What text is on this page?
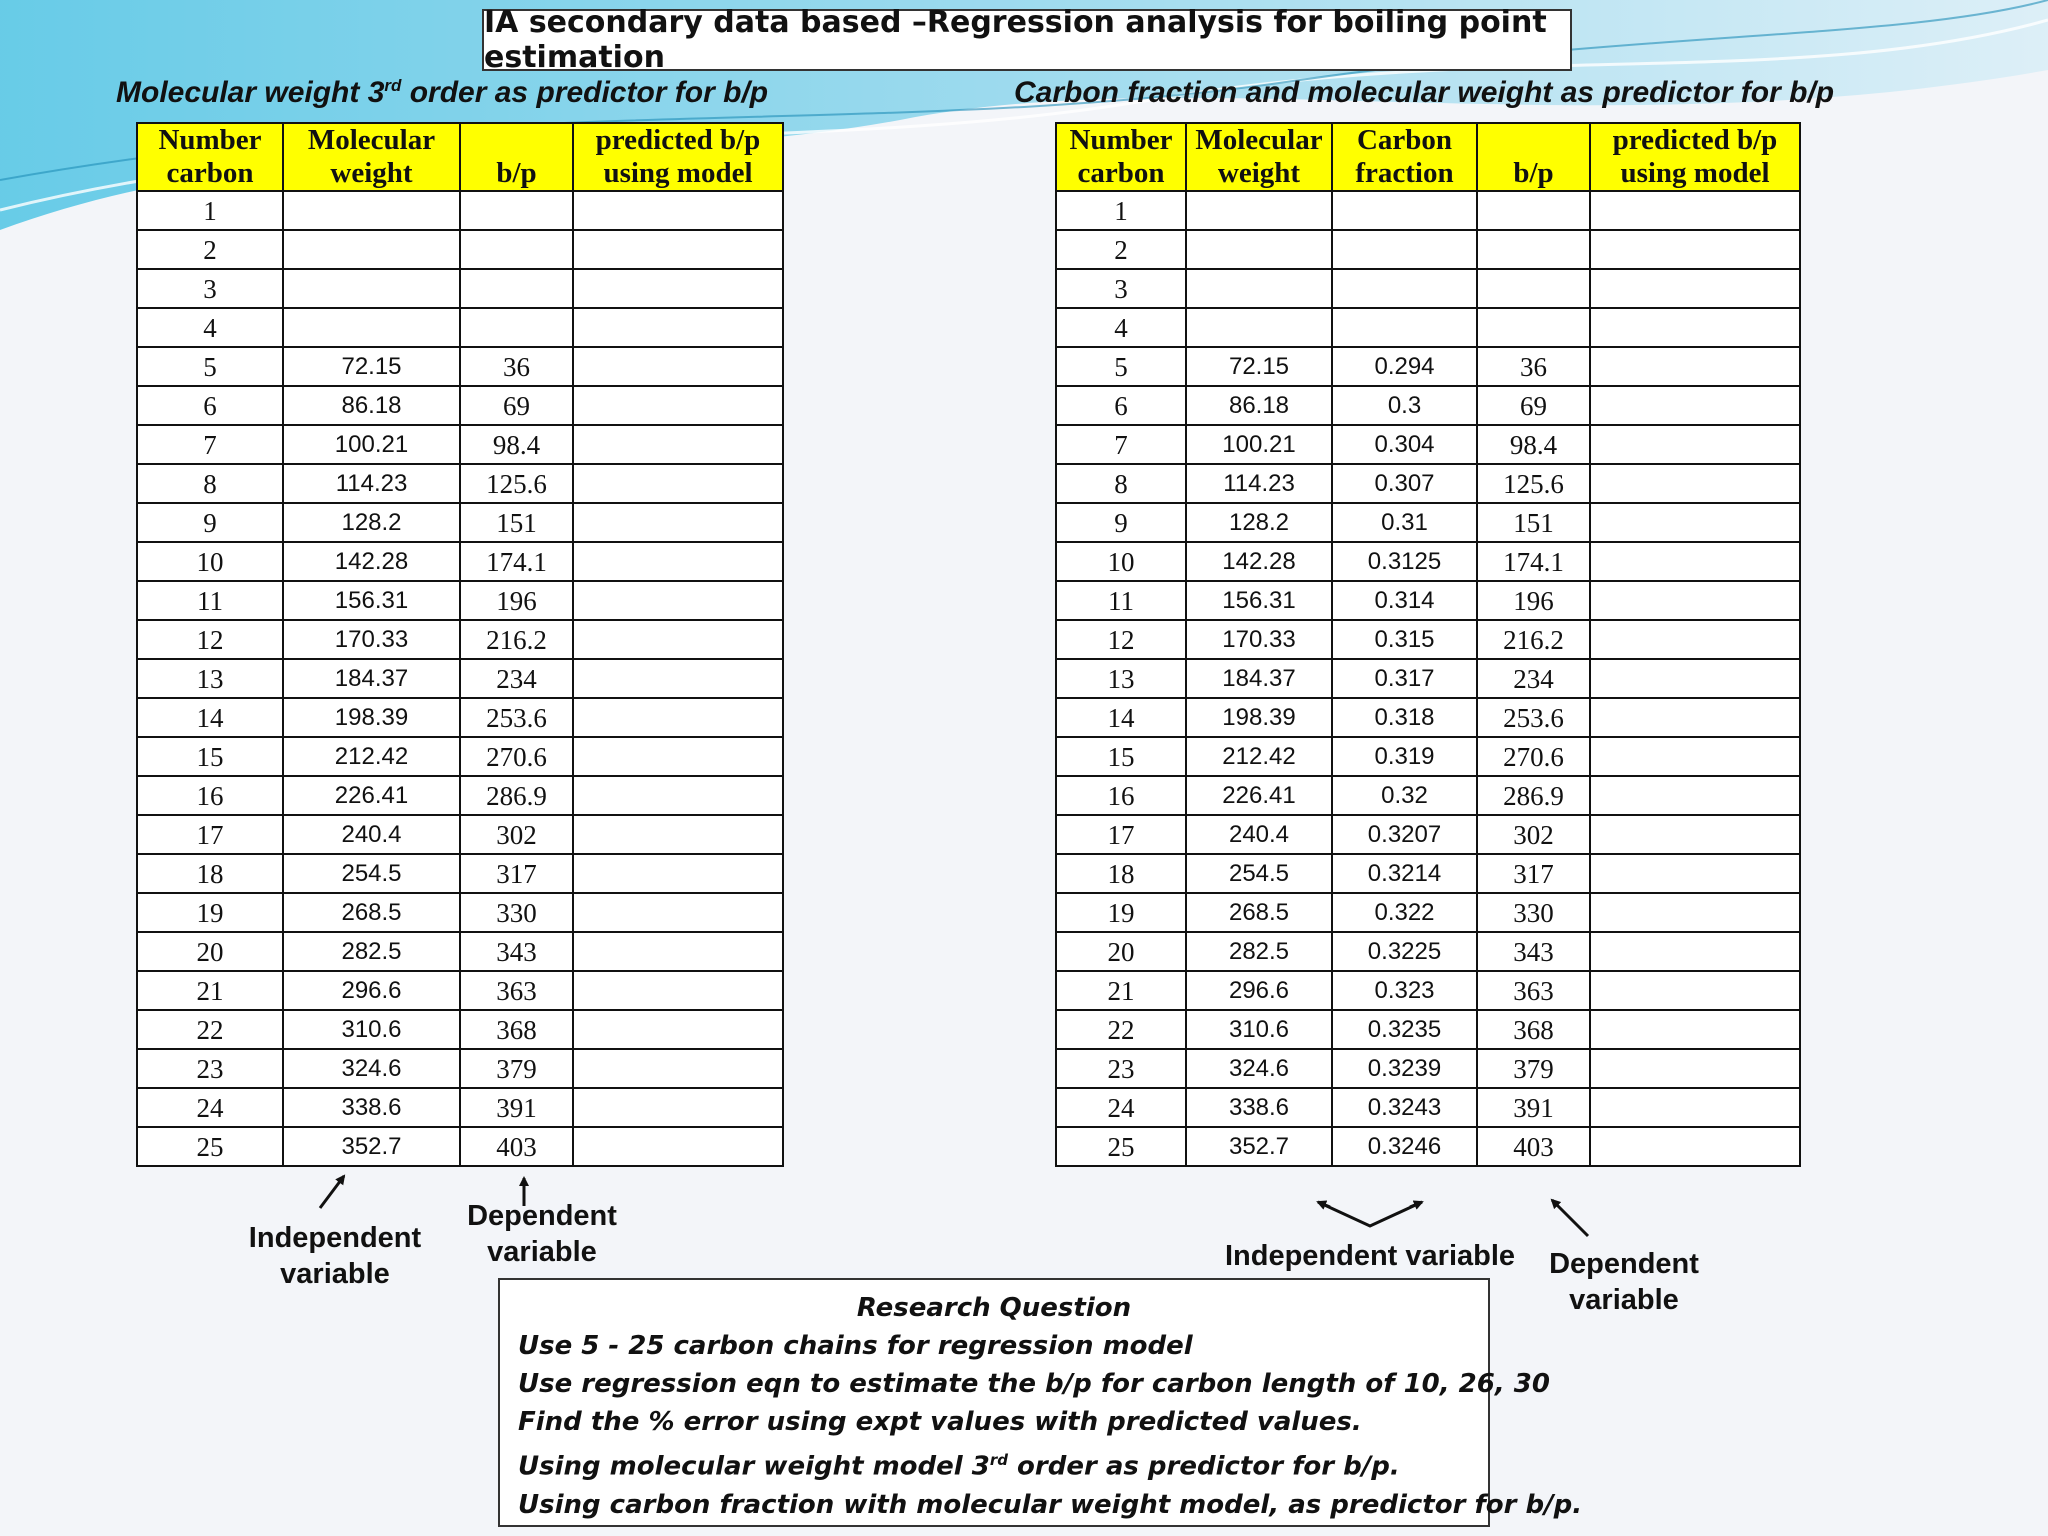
IA secondary data based –Regression analysis for boiling point estimation
Molecular weight 3rd order as predictor for b/p	Carbon fraction and molecular weight as predictor for b/p
Number carbon	Molecular weight	b/p	predicted b/p using model
1			
2			
3			
4			
5	72.15	36	
6	86.18	69	
7	100.21	98.4	
8	114.23	125.6	
9	128.2	151	
10	142.28	174.1	
11	156.31	196	
12	170.33	216.2	
13	184.37	234	
14	198.39	253.6	
15	212.42	270.6	
16	226.41	286.9	
17	240.4	302	
18	254.5	317	
19	268.5	330	
20	282.5	343	
21	296.6	363	
22	310.6	368	
23	324.6	379	
24	338.6	391	
25	352.7	403	
Number carbon	Molecular weight	Carbon fraction	b/p	predicted b/p using model
1				
2				
3				
4				
5	72.15	0.294	36	
6	86.18	0.3	69	
7	100.21	0.304	98.4	
8	114.23	0.307	125.6	
9	128.2	0.31	151	
10	142.28	0.3125	174.1	
11	156.31	0.314	196	
12	170.33	0.315	216.2	
13	184.37	0.317	234	
14	198.39	0.318	253.6	
15	212.42	0.319	270.6	
16	226.41	0.32	286.9	
17	240.4	0.3207	302	
18	254.5	0.3214	317	
19	268.5	0.322	330	
20	282.5	0.3225	343	
21	296.6	0.323	363	
22	310.6	0.3235	368	
23	324.6	0.3239	379	
24	338.6	0.3243	391	
25	352.7	0.3246	403	
Independent
variable
Dependent
variable	Independent variable	Dependent
variable
Research Question
Use 5 - 25 carbon chains for regression model
Use regression eqn to estimate the b/p for carbon length of 10, 26, 30
Find the % error using expt values with predicted values.
Using molecular weight model 3rd order as predictor for b/p.
Using carbon fraction with molecular weight model, as predictor for b/p.
